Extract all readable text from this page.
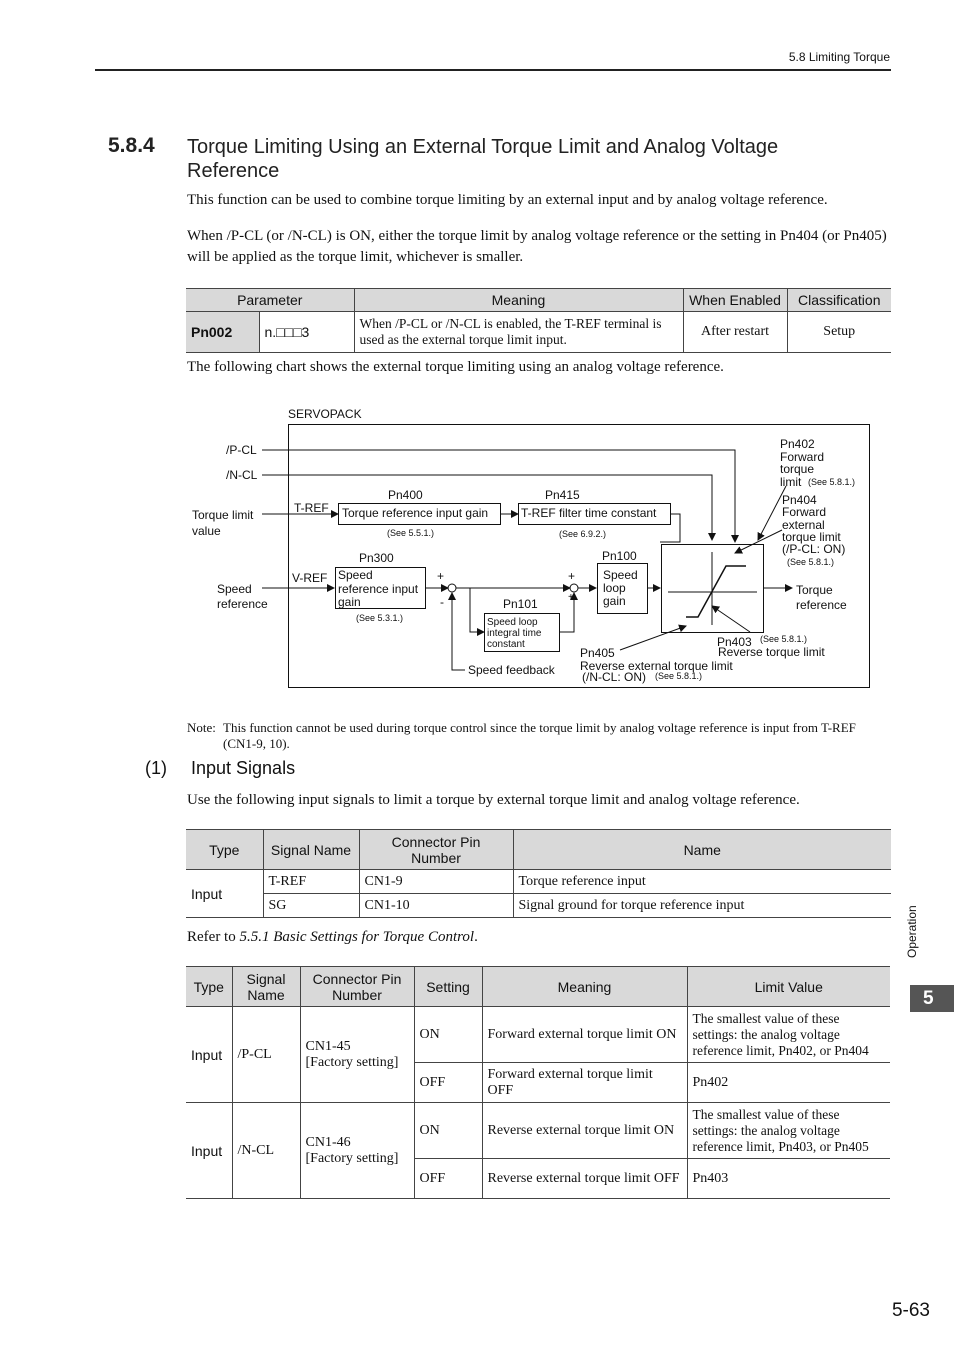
5.8 Limiting Torque
5.8.4 Torque Limiting Using an External Torque Limit and Analog Voltage Reference
This function can be used to combine torque limiting by an external input and by analog voltage reference.
When /P-CL (or /N-CL) is ON, either the torque limit by analog voltage reference or the setting in Pn404 (or Pn405) will be applied as the torque limit, whichever is smaller.
Parameter		Meaning	When Enabled	Classification
Pn002	n.□□□3	When /P-CL or /N-CL is enabled, the T-REF terminal is used as the external torque limit input.	After restart	Setup
The following chart shows the external torque limiting using an analog voltage reference.
SERVOPACK
/P-CL
/N-CL
Torque limit
value
Speed
reference
T-REF
V-REF
Pn400
Torque reference input gain
(See 5.5.1.)
Pn415
T-REF filter time constant
(See 6.9.2.)
Pn300
Speed
reference input
gain
(See 5.3.1.)
+
-
+
+
Pn100
Speed
loop
gain
Pn101
Speed loop
integral time
constant
Speed feedback
Pn402
Forward
torque
limit (See 5.8.1.)
Pn404
Forward
external
torque limit
(/P-CL: ON)
(See 5.8.1.)
Torque
reference
Pn403 (See 5.8.1.)
Reverse torque limit
Pn405
Reverse external torque limit
(/N-CL: ON) (See 5.8.1.)
Note: This function cannot be used during torque control since the torque limit by analog voltage reference is input from T-REF (CN1-9, 10).
(1) Input Signals
Use the following input signals to limit a torque by external torque limit and analog voltage reference.
Type	Signal Name	Connector Pin Number	Name
Input	T-REF	CN1-9	Torque reference input
	SG	CN1-10	Signal ground for torque reference input
Refer to 5.5.1 Basic Settings for Torque Control.
Type	Signal Name	Connector Pin Number	Setting	Meaning	Limit Value
Input	/P-CL	CN1-45
[Factory setting]	ON	Forward external torque limit ON	The smallest value of these settings: the analog voltage reference limit, Pn402, or Pn404
			OFF	Forward external torque limit OFF	Pn402
Input	/N-CL	CN1-46
[Factory setting]	ON	Reverse external torque limit ON	The smallest value of these settings: the analog voltage reference limit, Pn403, or Pn405
			OFF	Reverse external torque limit OFF	Pn403
Operation
5
5-63
